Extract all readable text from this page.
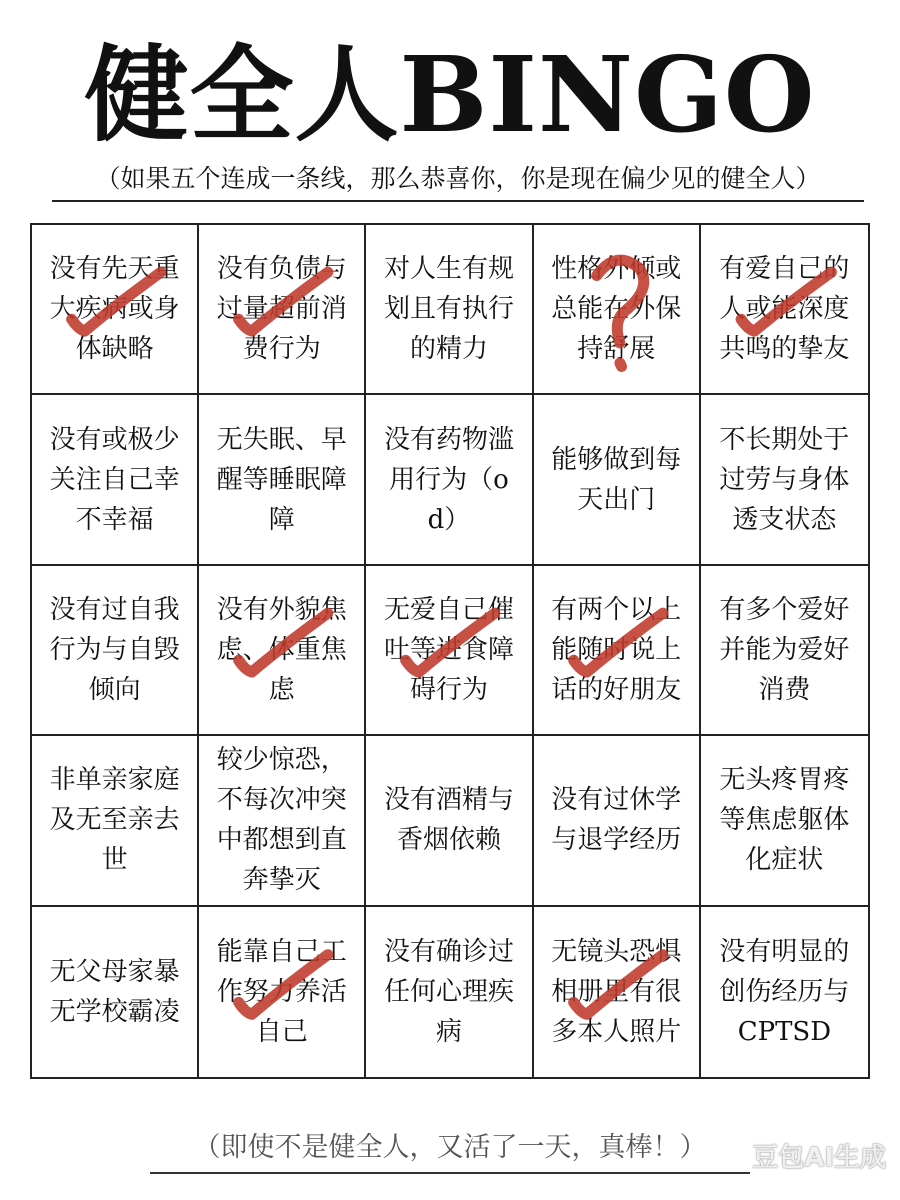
健全人BINGO
（如果五个连成一条线，那么恭喜你，你是现在偏少见的健全人）
没有先天重大疾病或身体缺略
没有负债与过量超前消费行为
对人生有规划且有执行的精力
性格外倾或总能在外保持舒展
有爱自己的人或能深度共鸣的挚友
没有或极少关注自己幸不幸福
无失眠、早醒等睡眠障障
没有药物滥用行为（od）
能够做到每天出门
不长期处于过劳与身体透支状态
没有过自我行为与自毁倾向
没有外貌焦虑、体重焦虑
无爱自己催吐等进食障碍行为
有两个以上能随时说上话的好朋友
有多个爱好并能为爱好消费
非单亲家庭及无至亲去世
较少惊恐，不每次冲突中都想到直奔挚灭
没有酒精与香烟依赖
没有过休学与退学经历
无头疼胃疼等焦虑躯体化症状
无父母家暴无学校霸凌
能靠自己工作努力养活自己
没有确诊过任何心理疾病
无镜头恐惧相册里有很多本人照片
没有明显的创伤经历与CPTSD
（即使不是健全人，又活了一天，真棒！）	豆包AI生成
